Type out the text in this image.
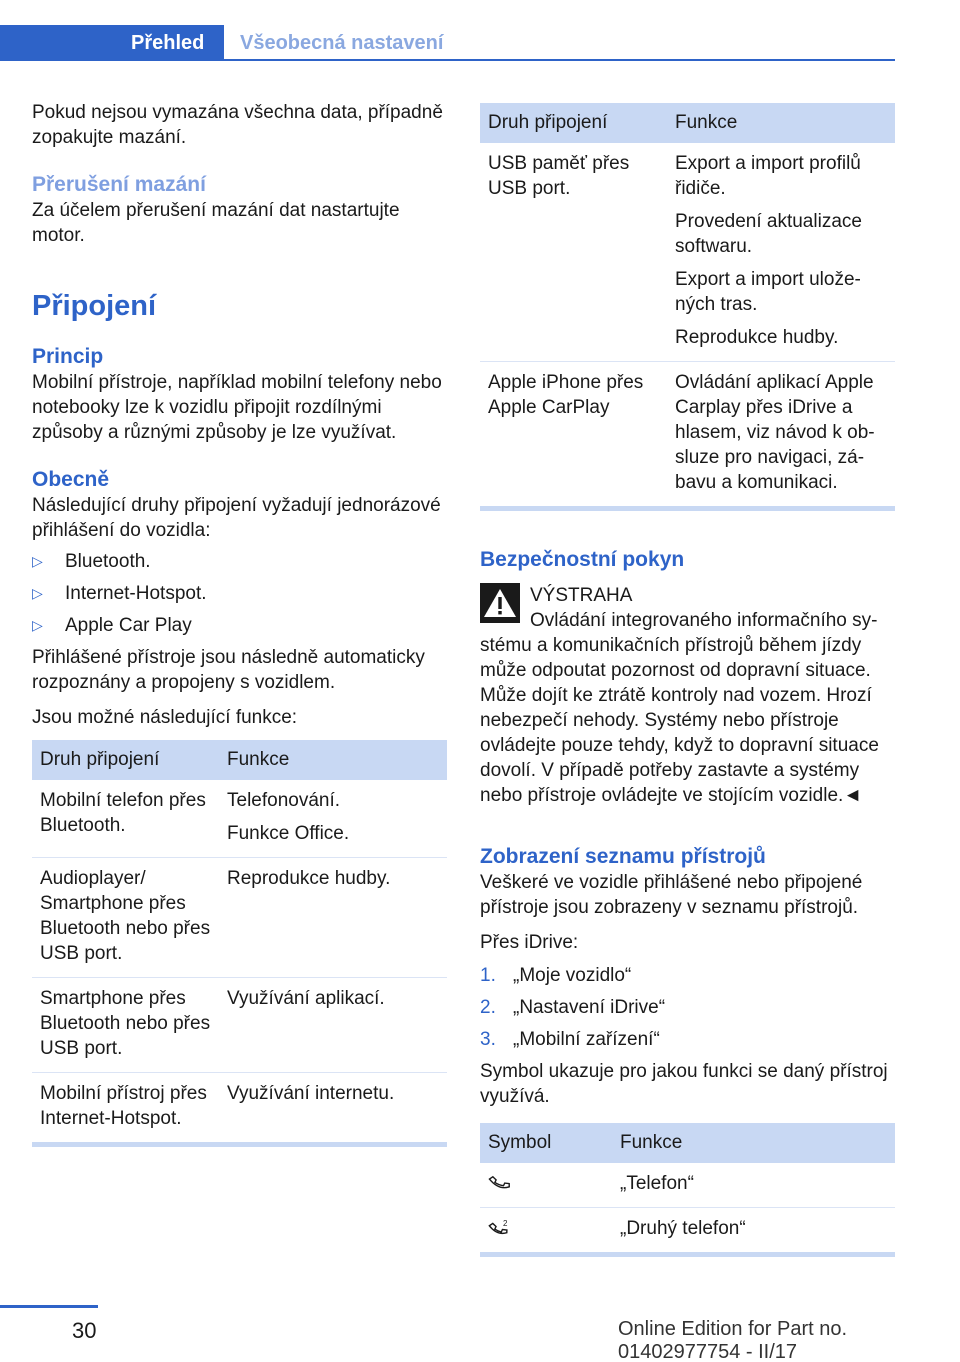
Přehled	Všeobecná nastavení

Pokud nejsou vymazána všechna data, případně zopakujte mazání.

Přerušení mazání

Za účelem přerušení mazání dat nastartujte motor.

Připojení
Princip

Mobilní přístroje, například mobilní telefony nebo notebooky lze k vozidlu připojit rozdílnými způsoby a různými způsoby je lze využívat.

Obecně

Následující druhy připojení vyžadují jednorázové přihlášení do vozidla:

▷ Bluetooth.
▷ Internet-Hotspot.
▷ Apple Car Play

Přihlášené přístroje jsou následně automaticky rozpoznány a propojeny s vozidlem.

Jsou možné následující funkce:

Druh připojení	Funkce
Mobilní telefon přes Bluetooth.	Telefonování.

Funkce Office.

Audioplayer/ Smartphone přes Bluetooth nebo přes USB port.	Reprodukce hudby.

Smartphone přes Bluetooth nebo přes USB port.	Využívání aplikací.

Mobilní přístroj přes Internet-Hotspot.	Využívání internetu.

Druh připojení	Funkce
USB paměť přes USB port.	Export a import profilů řidiče.

Provedení aktualizace softwaru.

Export a import uložených tras.

Reprodukce hudby.

Apple iPhone přes Apple CarPlay	Ovládání aplikací Apple Carplay přes iDrive a hlasem, viz návod k obsluze pro navigaci, zábavu a komunikaci.

Bezpečnostní pokyn

VÝSTRAHA

Ovládání integrovaného informačního systému a komunikačních přístrojů během jízdy může odpoutat pozornost od dopravní situace. Může dojít ke ztrátě kontroly nad vozem. Hrozí nebezpečí nehody. Systémy nebo přístroje ovládejte pouze tehdy, když to dopravní situace dovolí. V případě potřeby zastavte a systémy nebo přístroje ovládejte ve stojícím vozidle.◄

Zobrazení seznamu přístrojů

Veškeré ve vozidle přihlášené nebo připojené přístroje jsou zobrazeny v seznamu přístrojů.

Přes iDrive:

1. „Moje vozidlo“
2. „Nastavení iDrive“
3. „Mobilní zařízení“

Symbol ukazuje pro jakou funkci se daný přístroj využívá.

Symbol	Funkce
	„Telefon“

2	„Druhý telefon“
30	Online Edition for Part no. 01402977754 - II/17
